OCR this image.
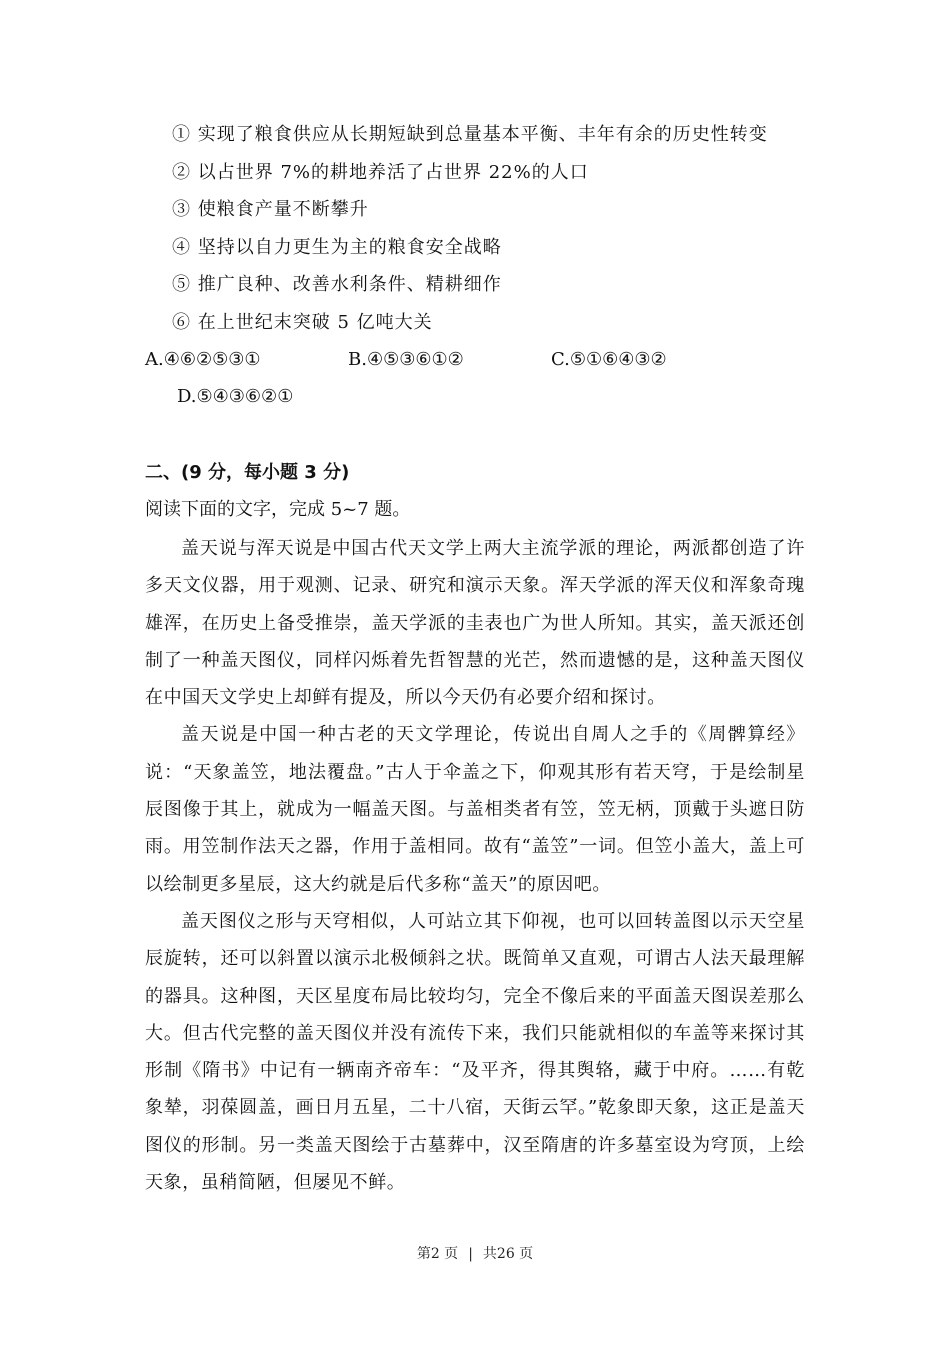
① 实现了粮食供应从长期短缺到总量基本平衡、丰年有余的历史性转变
② 以占世界 7%的耕地养活了占世界 22%的人口
③ 使粮食产量不断攀升
④ 坚持以自力更生为主的粮食安全战略
⑤ 推广良种、改善水利条件、精耕细作
⑥ 在上世纪末突破 5 亿吨大关
A.④⑥②⑤③①	B.④⑤③⑥①②	C.⑤①⑥④③②
D.⑤④③⑥②①
二、(9 分，每小题 3 分)
阅读下面的文字，完成 5~7 题。

盖天说与浑天说是中国古代天文学上两大主流学派的理论，两派都创造了许多天文仪器，用于观测、记录、研究和演示天象。浑天学派的浑天仪和浑象奇瑰雄浑，在历史上备受推崇，盖天学派的圭表也广为世人所知。其实，盖天派还创制了一种盖天图仪，同样闪烁着先哲智慧的光芒，然而遗憾的是，这种盖天图仪在中国天文学史上却鲜有提及，所以今天仍有必要介绍和探讨。

盖天说是中国一种古老的天文学理论，传说出自周人之手的《周髀算经》说：“天象盖笠，地法覆盘。”古人于伞盖之下，仰观其形有若天穹，于是绘制星辰图像于其上，就成为一幅盖天图。与盖相类者有笠，笠无柄，顶戴于头遮日防雨。用笠制作法天之器，作用于盖相同。故有“盖笠”一词。但笠小盖大，盖上可以绘制更多星辰，这大约就是后代多称“盖天”的原因吧。

盖天图仪之形与天穹相似，人可站立其下仰视，也可以回转盖图以示天空星辰旋转，还可以斜置以演示北极倾斜之状。既简单又直观，可谓古人法天最理解的器具。这种图，天区星度布局比较均匀，完全不像后来的平面盖天图误差那么大。但古代完整的盖天图仪并没有流传下来，我们只能就相似的车盖等来探讨其形制《隋书》中记有一辆南齐帝车：“及平齐，得其舆辂，藏于中府。……有乾象辇，羽葆圆盖，画日月五星，二十八宿，天街云罕。”乾象即天象，这正是盖天图仪的形制。另一类盖天图绘于古墓葬中，汉至隋唐的许多墓室设为穹顶，上绘天象，虽稍简陋，但屡见不鲜。

第2 页 | 共26 页
